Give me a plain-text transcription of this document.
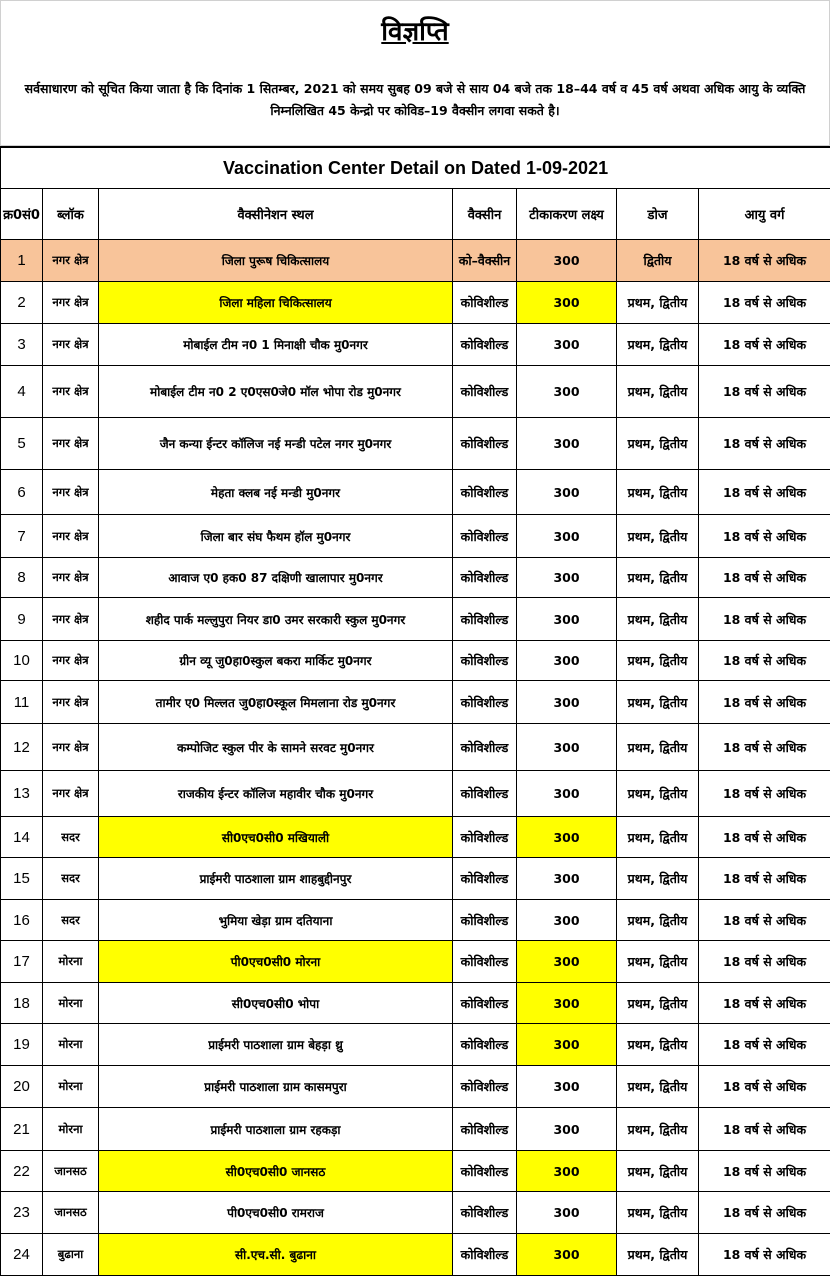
विज्ञप्ति
सर्वसाधारण को सूचित किया जाता है कि दिनांक 1 सितम्बर, 2021 को समय सुबह 09 बजे से साय 04 बजे तक 18–44 वर्ष व 45 वर्ष अथवा अधिक आयु के व्यक्ति निम्नलिखित 45 केन्द्रो पर कोविड–19 वैक्सीन लगवा सकते है।
Vaccination Center Detail on Dated 1-09-2021						
क्र0सं0	ब्लॉक	वैक्सीनेशन स्थल	वैक्सीन	टीकाकरण लक्ष्य	डोज	आयु वर्ग
1	नगर क्षेत्र	जिला पुरूष चिकित्सालय	को–वैक्सीन	300	द्वितीय	18 वर्ष से अधिक
2	नगर क्षेत्र	जिला महिला चिकित्सालय	कोविशील्ड	300	प्रथम, द्वितीय	18 वर्ष से अधिक
3	नगर क्षेत्र	मोबाईल टीम न0 1 मिनाक्षी चौक मु0नगर	कोविशील्ड	300	प्रथम, द्वितीय	18 वर्ष से अधिक
4	नगर क्षेत्र	मोबाईल टीम न0 2 ए0एस0जे0 मॉल भोपा रोड मु0नगर	कोविशील्ड	300	प्रथम, द्वितीय	18 वर्ष से अधिक
5	नगर क्षेत्र	जैन कन्या ईन्टर कॉलिज नई मन्डी पटेल नगर मु0नगर	कोविशील्ड	300	प्रथम, द्वितीय	18 वर्ष से अधिक
6	नगर क्षेत्र	मेहता क्लब नई मन्डी मु0नगर	कोविशील्ड	300	प्रथम, द्वितीय	18 वर्ष से अधिक
7	नगर क्षेत्र	जिला बार संघ फैथम हॉल मु0नगर	कोविशील्ड	300	प्रथम, द्वितीय	18 वर्ष से अधिक
8	नगर क्षेत्र	आवाज ए0 हक0 87 दक्षिणी खालापार मु0नगर	कोविशील्ड	300	प्रथम, द्वितीय	18 वर्ष से अधिक
9	नगर क्षेत्र	शहीद पार्क मल्लुपुरा नियर डा0 उमर सरकारी स्कुल मु0नगर	कोविशील्ड	300	प्रथम, द्वितीय	18 वर्ष से अधिक
10	नगर क्षेत्र	ग्रीन व्यू जु0हा0स्कुल बकरा मार्किट मु0नगर	कोविशील्ड	300	प्रथम, द्वितीय	18 वर्ष से अधिक
11	नगर क्षेत्र	तामीर ए0 मिल्लत जु0हा0स्कूल मिमलाना रोड मु0नगर	कोविशील्ड	300	प्रथम, द्वितीय	18 वर्ष से अधिक
12	नगर क्षेत्र	कम्पोजिट स्कुल पीर के सामने सरवट मु0नगर	कोविशील्ड	300	प्रथम, द्वितीय	18 वर्ष से अधिक
13	नगर क्षेत्र	राजकीय ईन्टर कॉलिज महावीर चौक मु0नगर	कोविशील्ड	300	प्रथम, द्वितीय	18 वर्ष से अधिक
14	सदर	सी0एच0सी0 मखियाली	कोविशील्ड	300	प्रथम, द्वितीय	18 वर्ष से अधिक
15	सदर	प्राईमरी पाठशाला ग्राम शाहबुद्दीनपुर	कोविशील्ड	300	प्रथम, द्वितीय	18 वर्ष से अधिक
16	सदर	भुमिया खेड़ा ग्राम दतियाना	कोविशील्ड	300	प्रथम, द्वितीय	18 वर्ष से अधिक
17	मोरना	पी0एच0सी0 मोरना	कोविशील्ड	300	प्रथम, द्वितीय	18 वर्ष से अधिक
18	मोरना	सी0एच0सी0 भोपा	कोविशील्ड	300	प्रथम, द्वितीय	18 वर्ष से अधिक
19	मोरना	प्राईमरी पाठशाला ग्राम बेहड़ा थ्रु	कोविशील्ड	300	प्रथम, द्वितीय	18 वर्ष से अधिक
20	मोरना	प्राईमरी पाठशाला ग्राम कासमपुरा	कोविशील्ड	300	प्रथम, द्वितीय	18 वर्ष से अधिक
21	मोरना	प्राईमरी पाठशाला ग्राम रहकड़ा	कोविशील्ड	300	प्रथम, द्वितीय	18 वर्ष से अधिक
22	जानसठ	सी0एच0सी0 जानसठ	कोविशील्ड	300	प्रथम, द्वितीय	18 वर्ष से अधिक
23	जानसठ	पी0एच0सी0 रामराज	कोविशील्ड	300	प्रथम, द्वितीय	18 वर्ष से अधिक
24	बुढाना	सी.एच.सी. बुढाना	कोविशील्ड	300	प्रथम, द्वितीय	18 वर्ष से अधिक
